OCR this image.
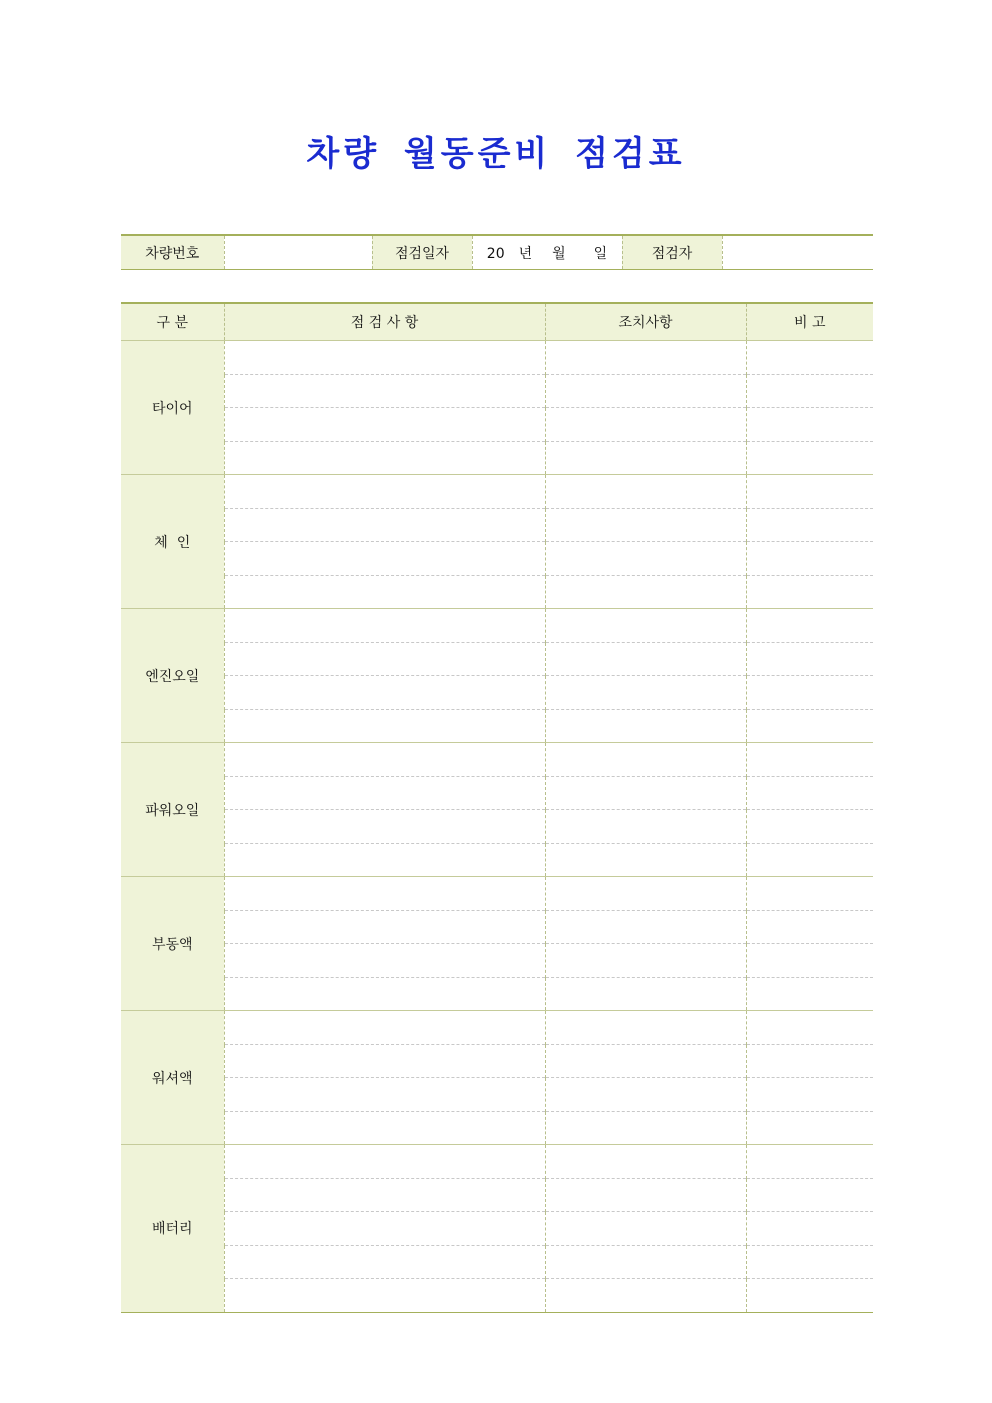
차량 월동준비 점검표
차량번호		점검일자	20 년 월 일	점검자	
구 분	점 검 사 항	조치사항	비 고
타이어			

체  인			

엔진오일			

파워오일			

부동액			

워셔액			

배터리			
